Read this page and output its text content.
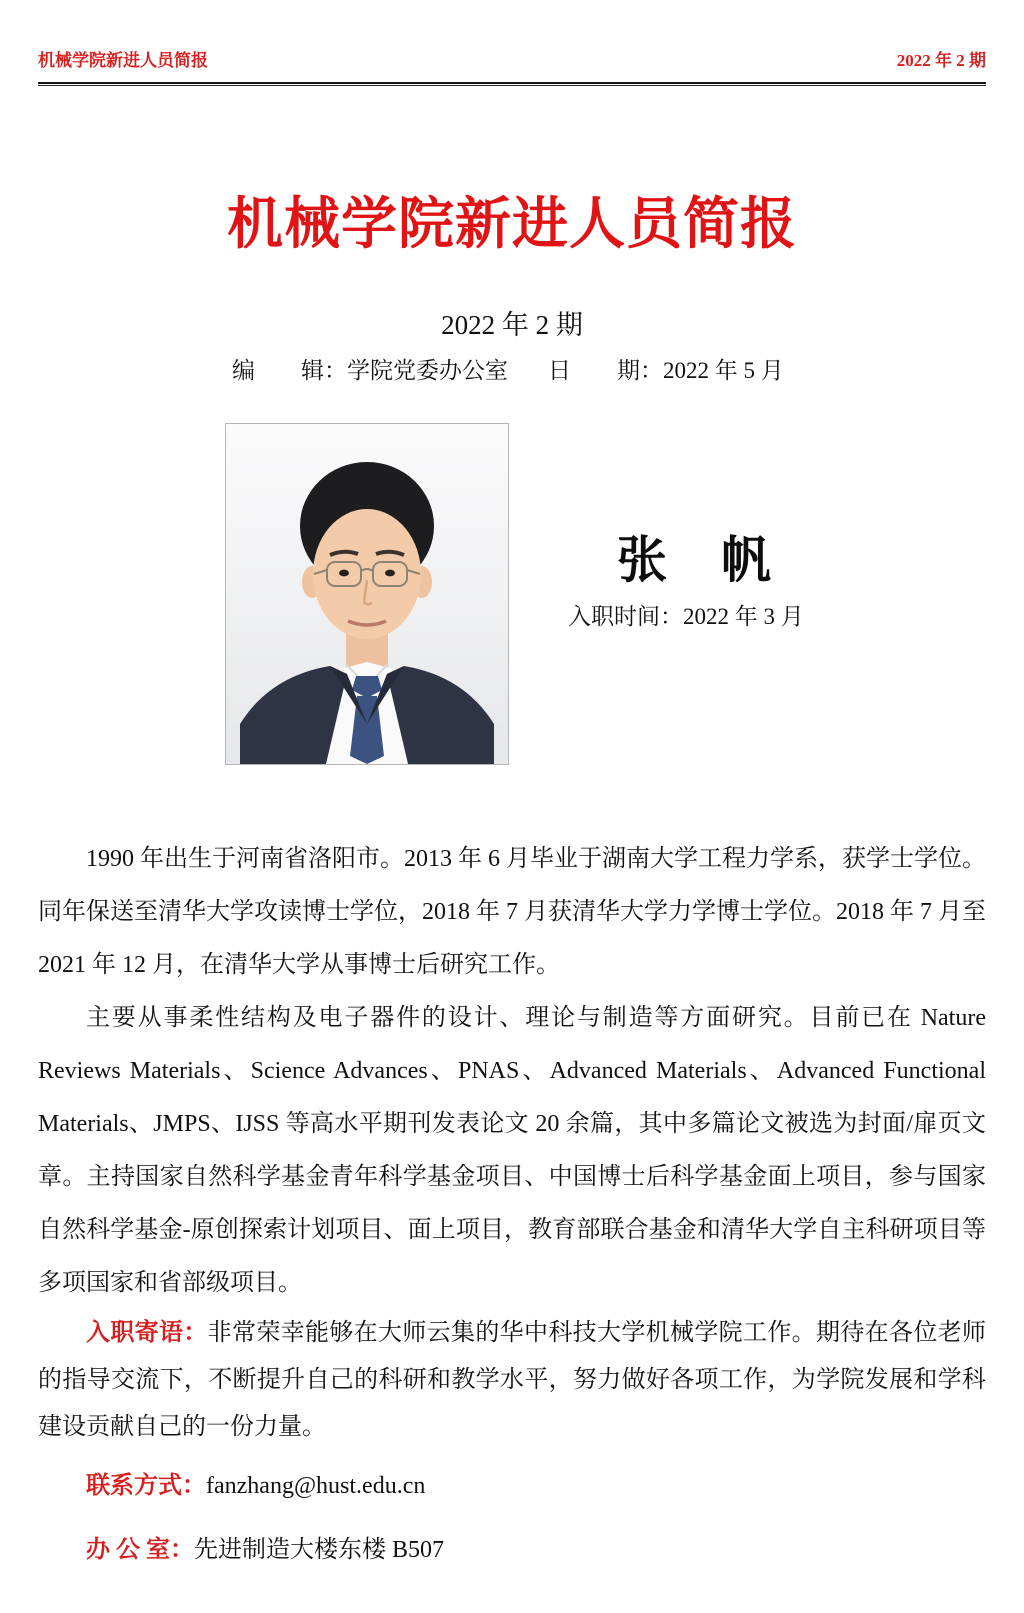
机械学院新进人员简报	2022 年 2 期
机械学院新进人员简报
2022 年 2 期
编　　辑：学院党委办公室 日　　期：2022 年 5 月
张　帆
入职时间：2022 年 3 月

1990 年出生于河南省洛阳市。2013 年 6 月毕业于湖南大学工程力学系，获学士学位。同年保送至清华大学攻读博士学位，2018 年 7 月获清华大学力学博士学位。2018 年 7 月至 2021 年 12 月，在清华大学从事博士后研究工作。

主要从事柔性结构及电子器件的设计、理论与制造等方面研究。目前已在 Nature Reviews Materials、Science Advances、PNAS、Advanced Materials、Advanced Functional Materials、JMPS、IJSS 等高水平期刊发表论文 20 余篇，其中多篇论文被选为封面/扉页文章。主持国家自然科学基金青年科学基金项目、中国博士后科学基金面上项目，参与国家自然科学基金-原创探索计划项目、面上项目，教育部联合基金和清华大学自主科研项目等多项国家和省部级项目。

入职寄语：非常荣幸能够在大师云集的华中科技大学机械学院工作。期待在各位老师的指导交流下，不断提升自己的科研和教学水平，努力做好各项工作，为学院发展和学科建设贡献自己的一份力量。

联系方式：fanzhang@hust.edu.cn

办 公 室：先进制造大楼东楼 B507
